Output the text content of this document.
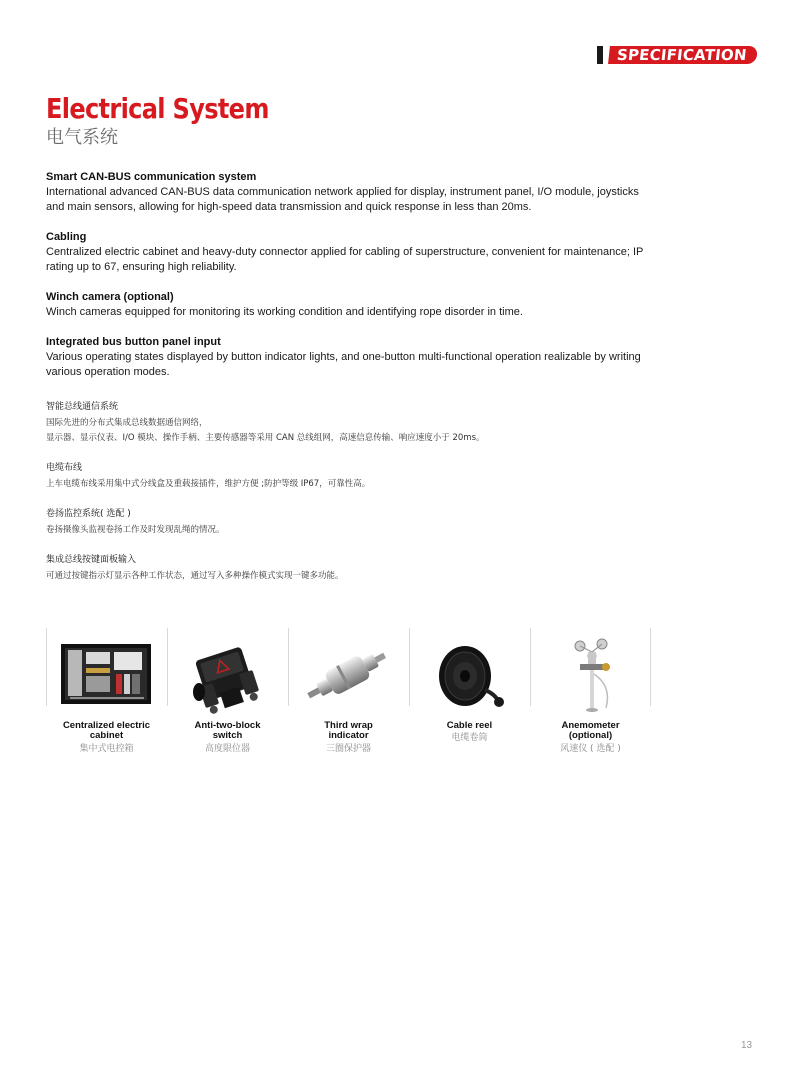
SPECIFICATION
Electrical System
电气系统
Smart CAN-BUS communication system

International advanced CAN-BUS data communication network applied for display, instrument panel, I/O module, joysticks

and main sensors, allowing for high-speed data transmission and quick response in less than 20ms.

Cabling

Centralized electric cabinet and heavy-duty connector applied for cabling of superstructure, convenient for maintenance; IP

rating up to 67, ensuring high reliability.

Winch camera (optional)

Winch cameras equipped for monitoring its working condition and identifying rope disorder in time.

Integrated bus button panel input

Various operating states displayed by button indicator lights, and one-button multi-functional operation realizable by writing

various operation modes.

智能总线通信系统

国际先进的分布式集成总线数据通信网络，

显示器、显示仪表、I/O 模块、操作手柄、主要传感器等采用 CAN 总线组网，高速信息传输、响应速度小于 20ms。

电缆布线

上车电缆布线采用集中式分线盒及重载接插件，维护方便 ;防护等级 IP67，可靠性高。

卷扬监控系统( 选配 )

卷扬摄像头监视卷扬工作及时发现乱绳的情况。

集成总线按键面板输入

可通过按键指示灯显示各种工作状态，通过写入多种操作模式实现一键多功能。

Centralized electric
cabinet
集中式电控箱
Anti-two-block
switch
高度限位器
Third wrap
indicator
三圈保护器
Cable reel
电缆卷筒
Anemometer
(optional)
风速仪 ( 选配 )
13
